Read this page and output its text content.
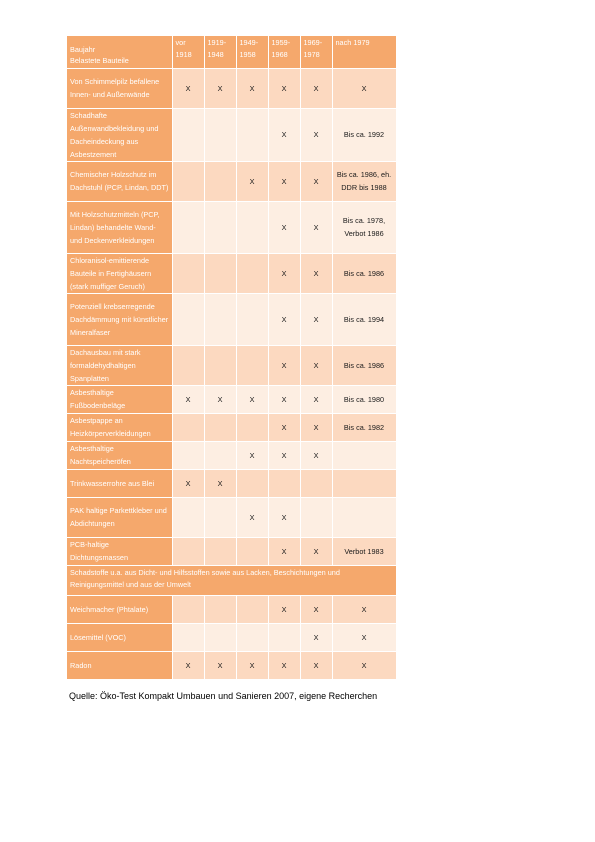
Baujahr
Belastete Bauteile	vor 1918	1919-1948	1949-1958	1959-1968	1969-1978	nach 1979
Von Schimmelpilz befallene Innen- und Außenwände	X	X	X	X	X	X
Schadhafte Außenwandbekleidung und Dacheindeckung aus Asbestzement				X	X	Bis ca. 1992
Chemischer Holzschutz im Dachstuhl (PCP, Lindan, DDT)			X	X	X	Bis ca. 1986, eh. DDR bis 1988
Mit Holzschutzmitteln (PCP, Lindan) behandelte Wand- und Deckenverkleidungen				X	X	Bis ca. 1978, Verbot 1986
Chloranisol-emittierende Bauteile in Fertighäusern (stark muffiger Geruch)				X	X	Bis ca. 1986
Potenziell krebserregende Dachdämmung mit künstlicher Mineralfaser				X	X	Bis ca. 1994
Dachausbau mit stark formaldehydhaltigen Spanplatten				X	X	Bis ca. 1986
Asbesthaltige Fußbodenbeläge	X	X	X	X	X	Bis ca. 1980
Asbestpappe an Heizkörperverkleidungen				X	X	Bis ca. 1982
Asbesthaltige Nachtspeicheröfen			X	X	X	
Trinkwasserrohre aus Blei	X	X				
PAK haltige Parkettkleber und Abdichtungen			X	X		
PCB-haltige Dichtungsmassen				X	X	Verbot 1983
Schadstoffe u.a. aus Dicht- und Hilfsstoffen sowie aus Lacken, Beschichtungen und Reinigungsmittel und aus der Umwelt						
Weichmacher (Phtalate)				X	X	X
Lösemittel (VOC)					X	X
Radon	X	X	X	X	X	X
Quelle: Öko-Test Kompakt Umbauen und Sanieren 2007, eigene Recherchen
